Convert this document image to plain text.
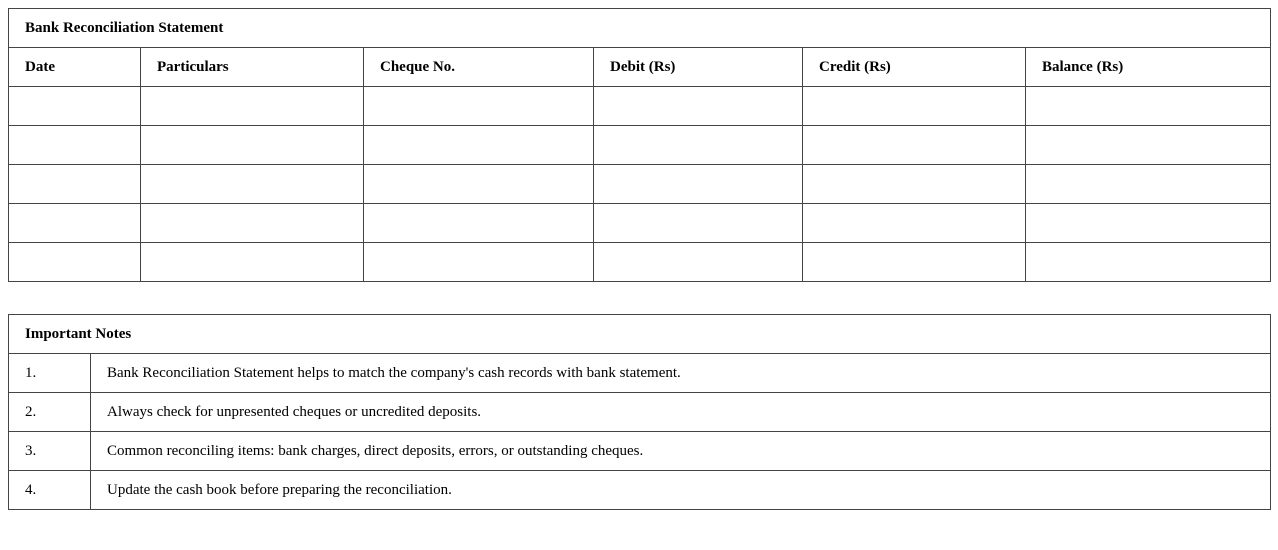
Bank Reconciliation Statement					
Date	Particulars	Cheque No.	Debit (Rs)	Credit (Rs)	Balance (Rs)

Important Notes	
1.	Bank Reconciliation Statement helps to match the company's cash records with bank statement.
2.	Always check for unpresented cheques or uncredited deposits.
3.	Common reconciling items: bank charges, direct deposits, errors, or outstanding cheques.
4.	Update the cash book before preparing the reconciliation.
